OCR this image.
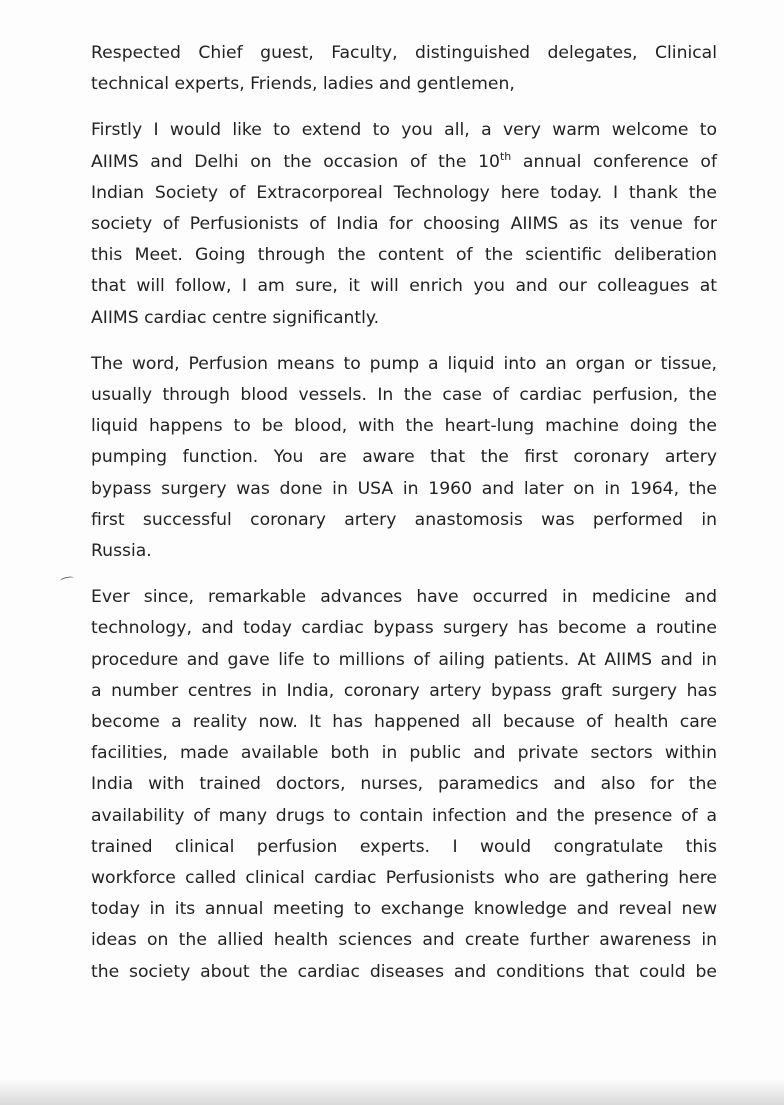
Respected Chief guest, Faculty, distinguished delegates, Clinical
technical experts, Friends, ladies and gentlemen,

Firstly I would like to extend to you all, a very warm welcome to
AIIMS and Delhi on the occasion of the 10th annual conference of
Indian Society of Extracorporeal Technology here today. I thank the
society of Perfusionists of India for choosing AIIMS as its venue for
this Meet. Going through the content of the scientific deliberation
that will follow, I am sure, it will enrich you and our colleagues at
AIIMS cardiac centre significantly.

The word, Perfusion means to pump a liquid into an organ or tissue,
usually through blood vessels. In the case of cardiac perfusion, the
liquid happens to be blood, with the heart-lung machine doing the
pumping function. You are aware that the first coronary artery
bypass surgery was done in USA in 1960 and later on in 1964, the
first successful coronary artery anastomosis was performed in
Russia.

Ever since, remarkable advances have occurred in medicine and
technology, and today cardiac bypass surgery has become a routine
procedure and gave life to millions of ailing patients. At AIIMS and in
a number centres in India, coronary artery bypass graft surgery has
become a reality now. It has happened all because of health care
facilities, made available both in public and private sectors within
India with trained doctors, nurses, paramedics and also for the
availability of many drugs to contain infection and the presence of a
trained clinical perfusion experts. I would congratulate this
workforce called clinical cardiac Perfusionists who are gathering here
today in its annual meeting to exchange knowledge and reveal new
ideas on the allied health sciences and create further awareness in
the society about the cardiac diseases and conditions that could be
